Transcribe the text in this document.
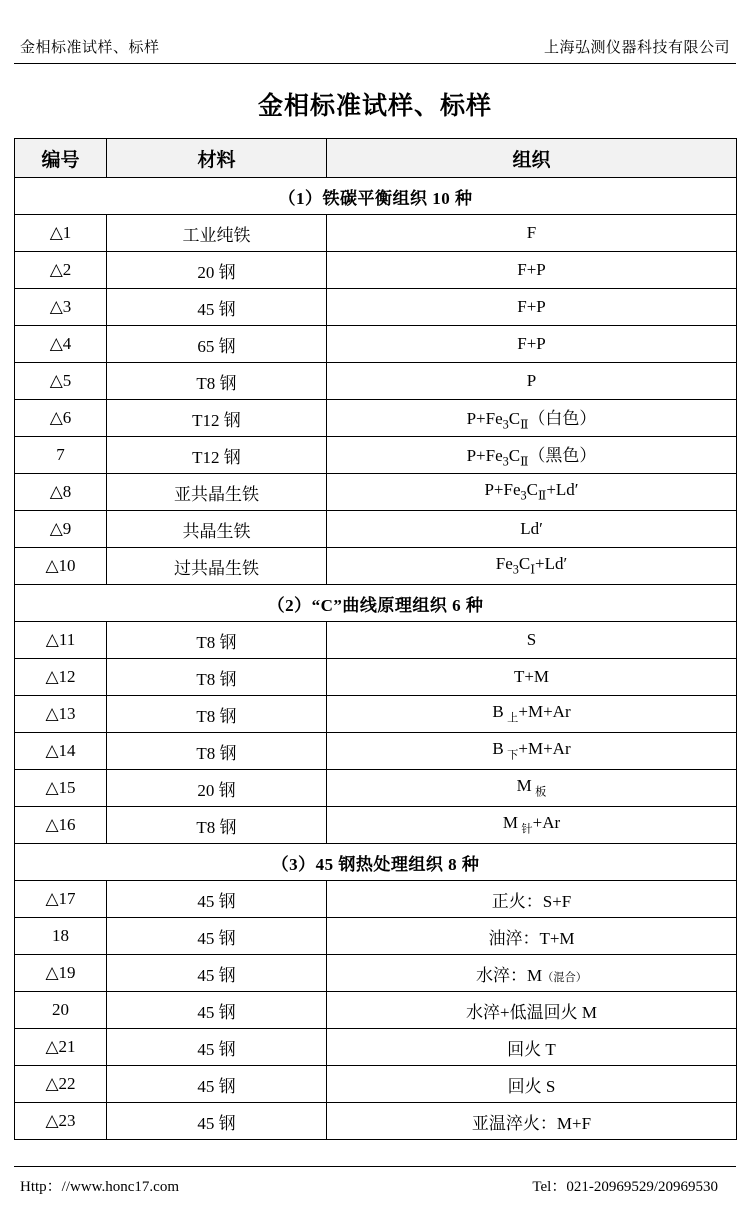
金相标准试样、标样	上海弘测仪器科技有限公司
金相标准试样、标样
编号	材料	组织
（1）铁碳平衡组织 10 种		
△1	工业纯铁	F
△2	20 钢	F+P
△3	45 钢	F+P
△4	65 钢	F+P
△5	T8 钢	P
△6	T12 钢	$P+Fe_3C_Ⅱ$（白色）
7	T12 钢	$P+Fe_3C_Ⅱ$（黑色）
△8	亚共晶生铁	$P+Fe_3C_Ⅱ+Ld'$
△9	共晶生铁	Ld′
△10	过共晶生铁	$Fe_3C_Ⅰ+Ld'$
（2）“C”曲线原理组织 6 种		
△11	T8 钢	S
△12	T8 钢	T+M
△13	T8 钢	B $_上$+M+Ar
△14	T8 钢	B $_下$+M+Ar
△15	20 钢	M $_板$
△16	T8 钢	M $_针$+Ar
（3）45 钢热处理组织 8 种		
△17	45 钢	正火：S+F
18	45 钢	油淬：T+M
△19	45 钢	水淬：M（混合）
20	45 钢	水淬+低温回火 M
△21	45 钢	回火 T
△22	45 钢	回火 S
△23	45 钢	亚温淬火：M+F
Http：//www.honc17.com	Tel：021-20969529/20969530
